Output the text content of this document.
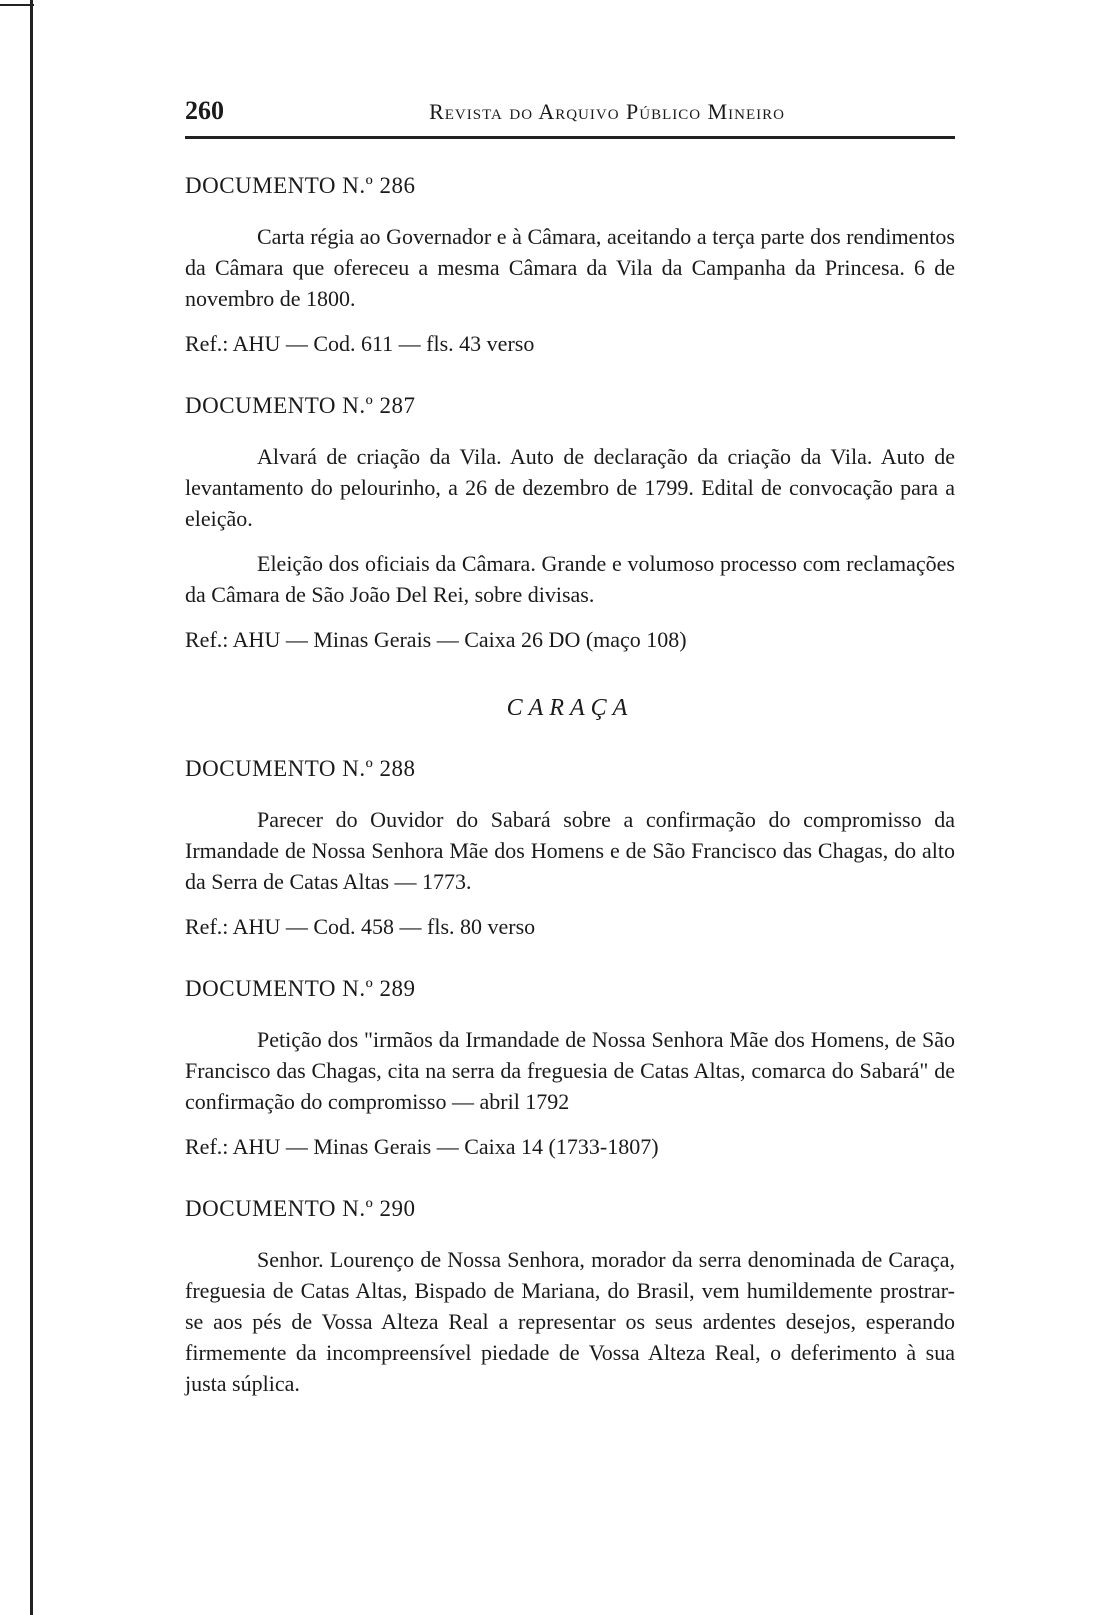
260	Revista do Arquivo Público Mineiro
DOCUMENTO N.º 286

Carta régia ao Governador e à Câmara, aceitando a terça parte dos rendimentos da Câmara que ofereceu a mesma Câmara da Vila da Campanha da Princesa. 6 de novembro de 1800.

Ref.: AHU — Cod. 611 — fls. 43 verso
DOCUMENTO N.º 287

Alvará de criação da Vila. Auto de declaração da criação da Vila. Auto de levantamento do pelourinho, a 26 de dezembro de 1799. Edital de convocação para a eleição.

Eleição dos oficiais da Câmara. Grande e volumoso processo com reclamações da Câmara de São João Del Rei, sobre divisas.

Ref.: AHU — Minas Gerais — Caixa 26 DO (maço 108)
CARAÇA
DOCUMENTO N.º 288

Parecer do Ouvidor do Sabará sobre a confirmação do compromisso da Irmandade de Nossa Senhora Mãe dos Homens e de São Francisco das Chagas, do alto da Serra de Catas Altas — 1773.

Ref.: AHU — Cod. 458 — fls. 80 verso
DOCUMENTO N.º 289

Petição dos "irmãos da Irmandade de Nossa Senhora Mãe dos Homens, de São Francisco das Chagas, cita na serra da freguesia de Catas Altas, comarca do Sabará" de confirmação do compromisso — abril 1792

Ref.: AHU — Minas Gerais — Caixa 14 (1733-1807)
DOCUMENTO N.º 290

Senhor. Lourenço de Nossa Senhora, morador da serra denominada de Caraça, freguesia de Catas Altas, Bispado de Mariana, do Brasil, vem humildemente prostrar-se aos pés de Vossa Alteza Real a representar os seus ardentes desejos, esperando firmemente da incompreensível piedade de Vossa Alteza Real, o deferimento à sua justa súplica.
